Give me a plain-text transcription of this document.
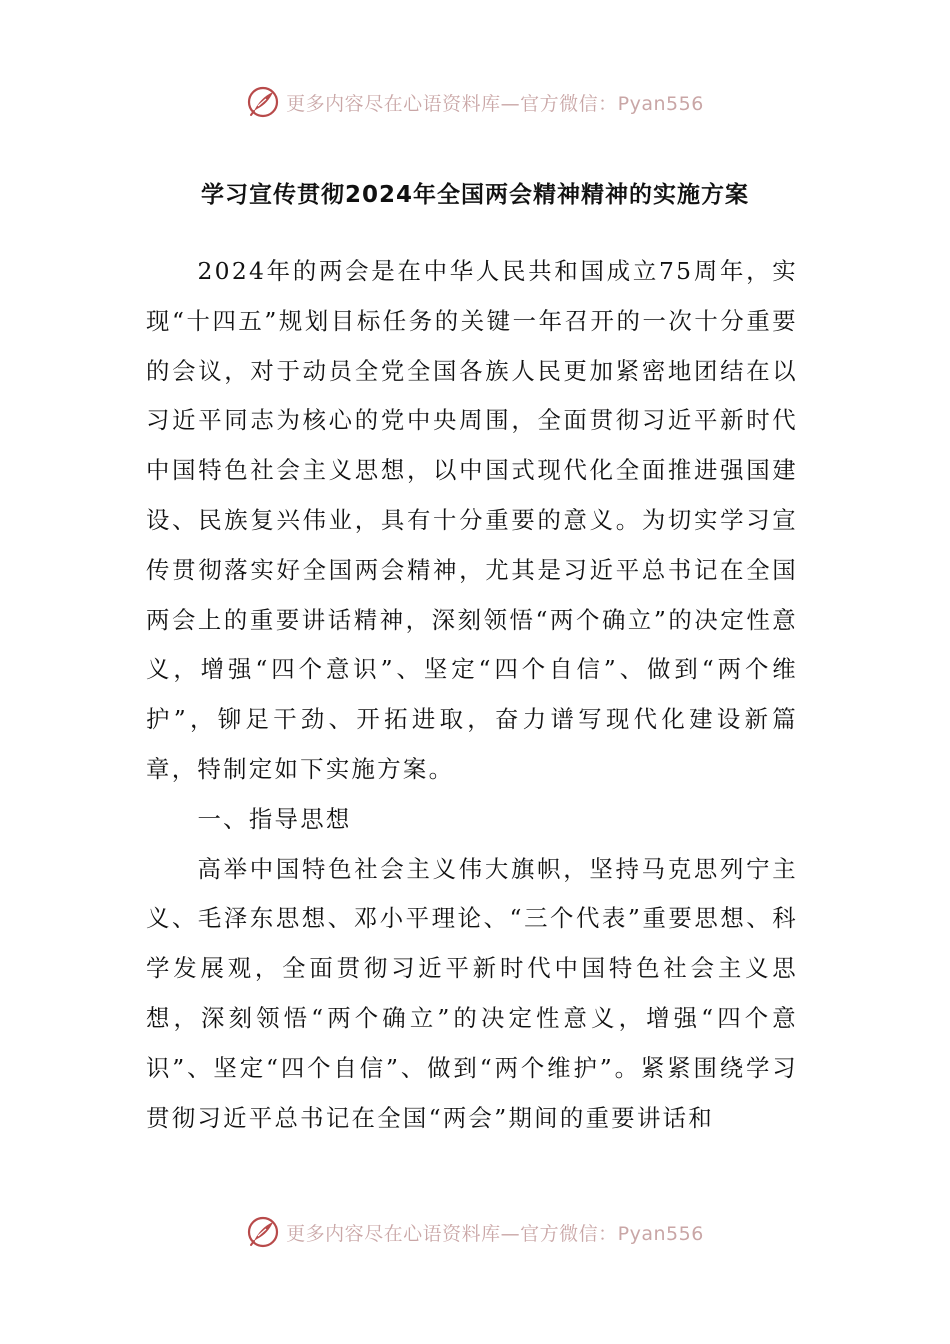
更多内容尽在心语资料库—官方微信：Pyan556
学习宣传贯彻2024年全国两会精神精神的实施方案

2024年的两会是在中华人民共和国成立75周年，实现“十四五”规划目标任务的关键一年召开的一次十分重要的会议，对于动员全党全国各族人民更加紧密地团结在以习近平同志为核心的党中央周围，全面贯彻习近平新时代中国特色社会主义思想，以中国式现代化全面推进强国建设、民族复兴伟业，具有十分重要的意义。为切实学习宣传贯彻落实好全国两会精神，尤其是习近平总书记在全国两会上的重要讲话精神，深刻领悟“两个确立”的决定性意义，增强“四个意识”、坚定“四个自信”、做到“两个维护”，铆足干劲、开拓进取，奋力谱写现代化建设新篇章，特制定如下实施方案。

一、指导思想

高举中国特色社会主义伟大旗帜，坚持马克思列宁主义、毛泽东思想、邓小平理论、“三个代表”重要思想、科学发展观，全面贯彻习近平新时代中国特色社会主义思想，深刻领悟“两个确立”的决定性意义，增强“四个意识”、坚定“四个自信”、做到“两个维护”。紧紧围绕学习贯彻习近平总书记在全国“两会”期间的重要讲话和

更多内容尽在心语资料库—官方微信：Pyan556
